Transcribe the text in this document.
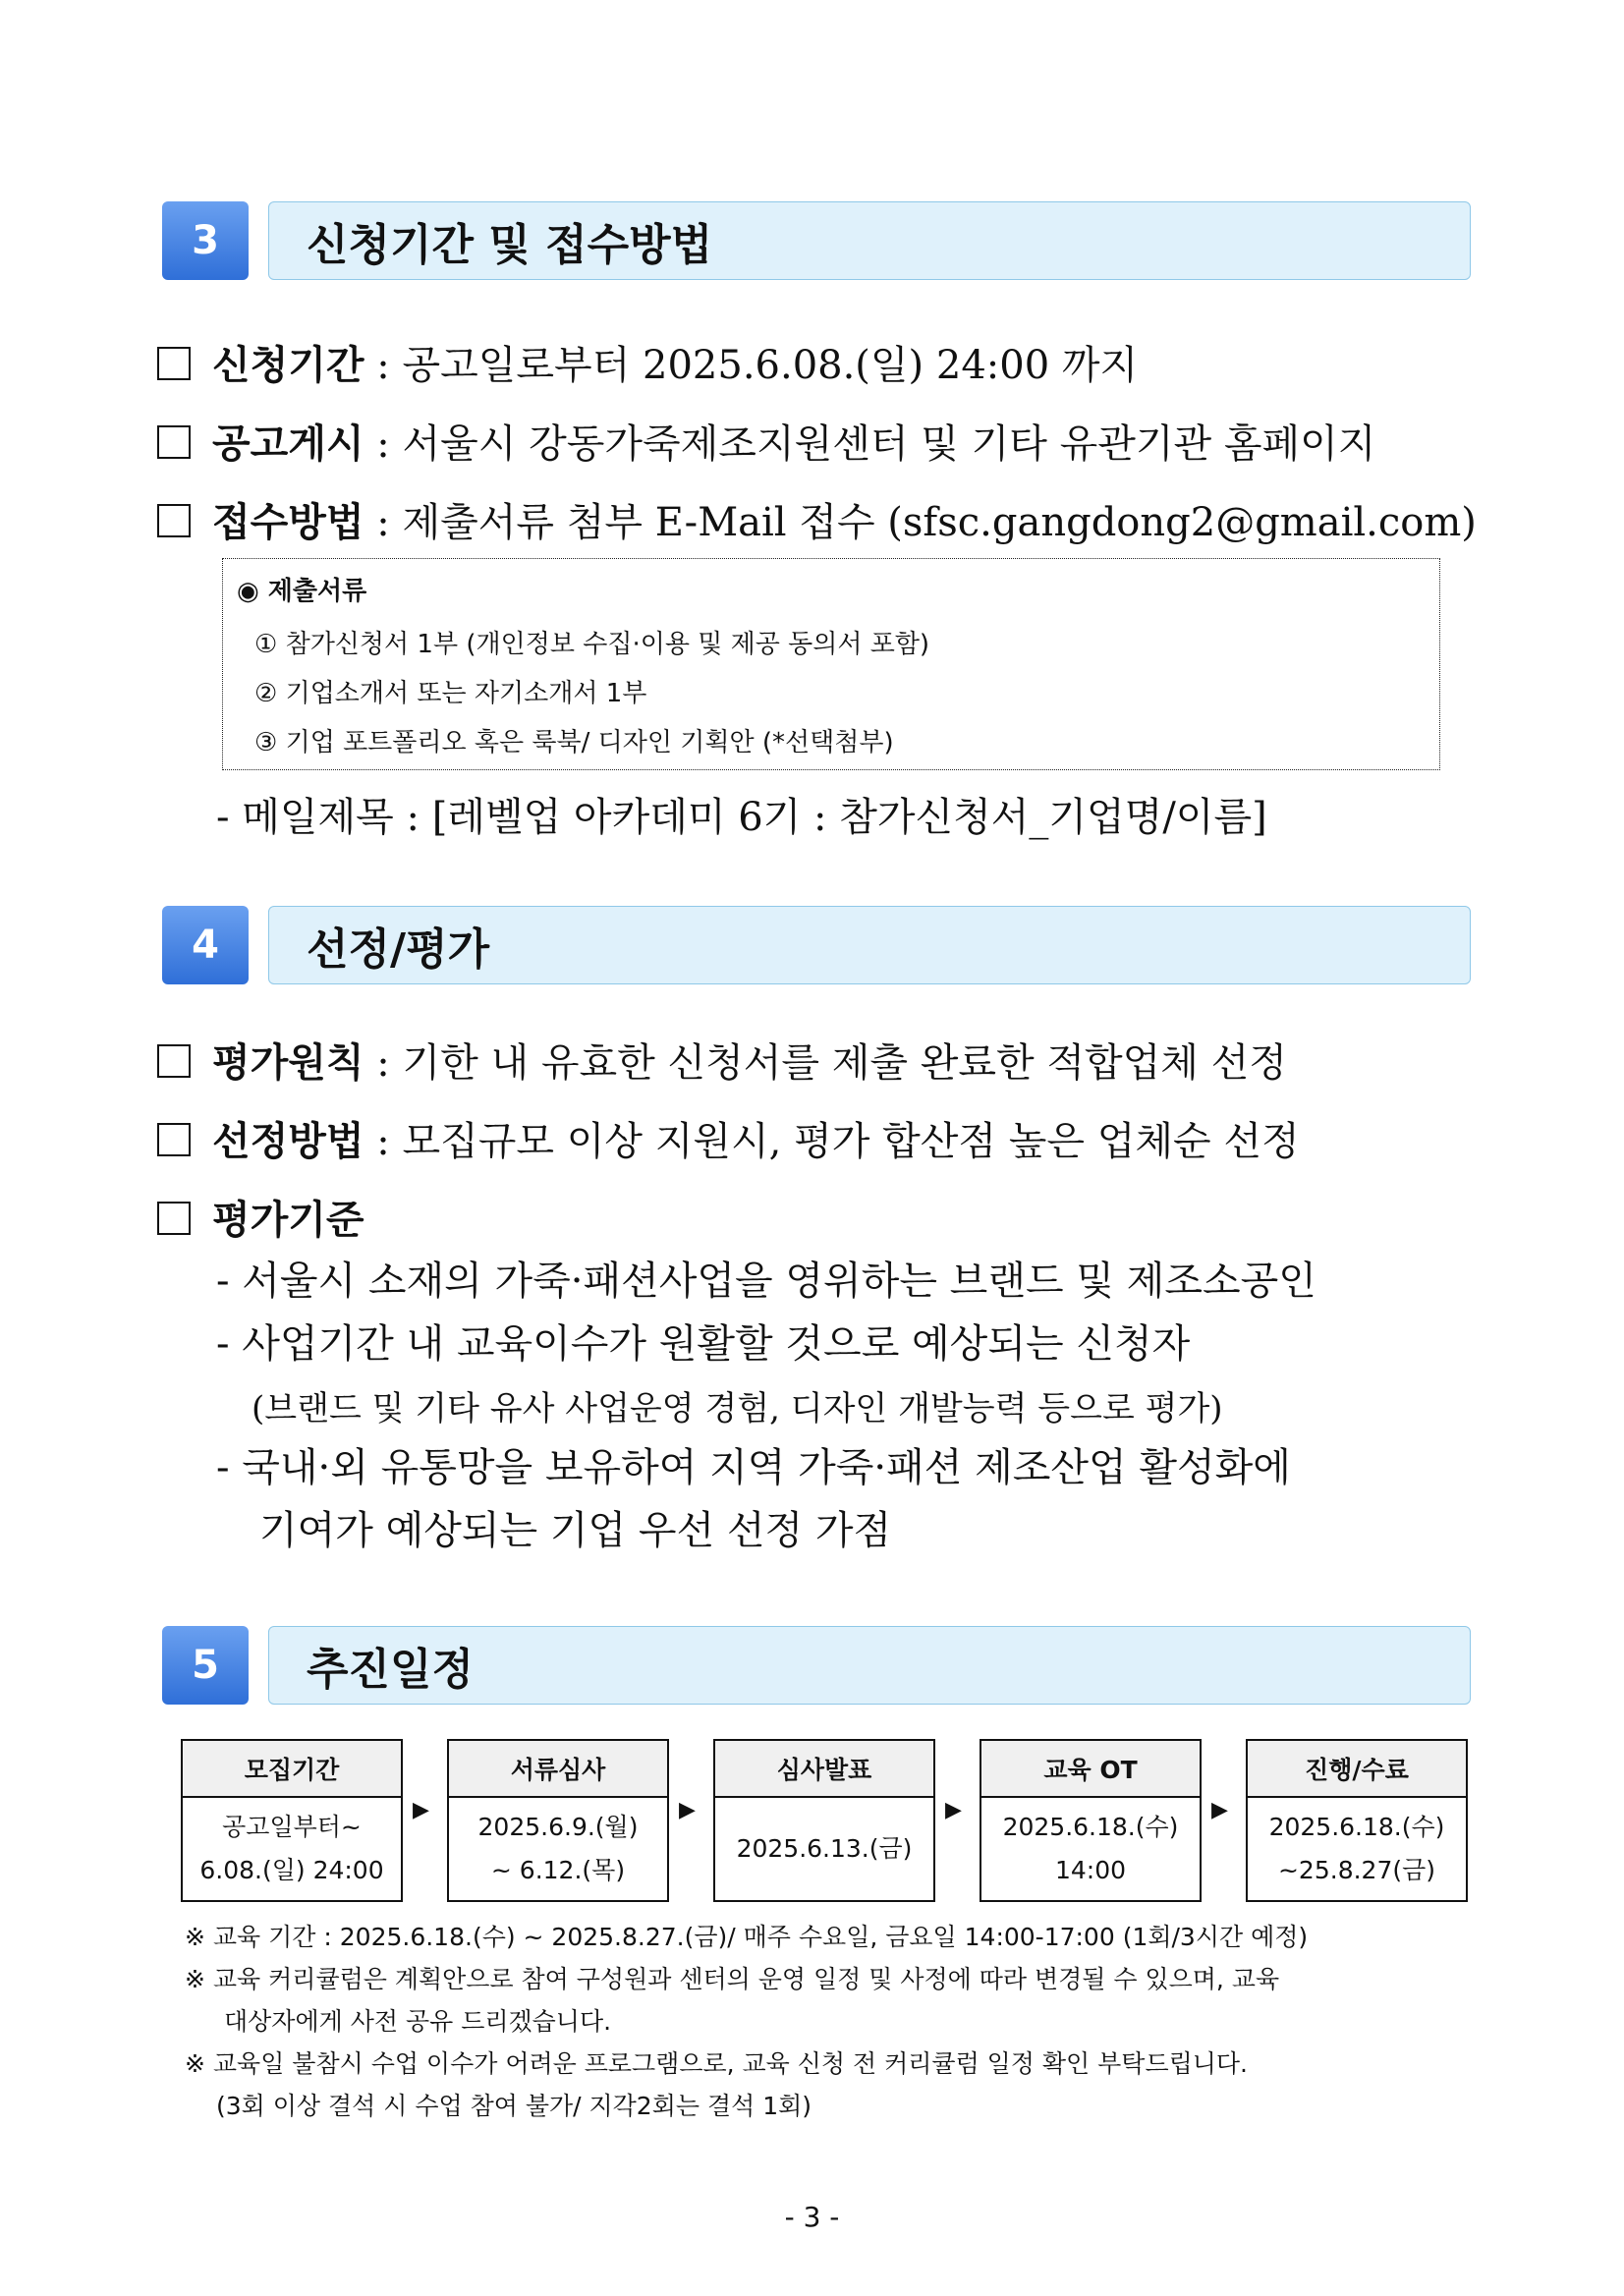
3	신청기간 및 접수방법
신청기간 : 공고일로부터 2025.6.08.(일) 24:00 까지
공고게시 : 서울시 강동가죽제조지원센터 및 기타 유관기관 홈페이지
접수방법 : 제출서류 첨부 E-Mail 접수 (sfsc.gangdong2@gmail.com)
◉ 제출서류
① 참가신청서 1부 (개인정보 수집·이용 및 제공 동의서 포함)
② 기업소개서 또는 자기소개서 1부
③ 기업 포트폴리오 혹은 룩북/ 디자인 기획안 (*선택첨부)
- 메일제목 : [레벨업 아카데미 6기 : 참가신청서_기업명/이름]
4	선정/평가
평가원칙 : 기한 내 유효한 신청서를 제출 완료한 적합업체 선정
선정방법 : 모집규모 이상 지원시, 평가 합산점 높은 업체순 선정
평가기준
- 서울시 소재의 가죽·패션사업을 영위하는 브랜드 및 제조소공인
- 사업기간 내 교육이수가 원활할 것으로 예상되는 신청자
(브랜드 및 기타 유사 사업운영 경험, 디자인 개발능력 등으로 평가)
- 국내·외 유통망을 보유하여 지역 가죽·패션 제조산업 활성화에
기여가 예상되는 기업 우선 선정 가점
5	추진일정
모집기간
공고일부터~
6.08.(일) 24:00
▶
서류심사
2025.6.9.(월)
~ 6.12.(목)
▶
심사발표
2025.6.13.(금)
▶
교육 OT
2025.6.18.(수)
14:00
▶
진행/수료
2025.6.18.(수)
~25.8.27(금)
※ 교육 기간 : 2025.6.18.(수) ~ 2025.8.27.(금)/ 매주 수요일, 금요일 14:00-17:00 (1회/3시간 예정)
※ 교육 커리큘럼은 계획안으로 참여 구성원과 센터의 운영 일정 및 사정에 따라 변경될 수 있으며, 교육
대상자에게 사전 공유 드리겠습니다.
※ 교육일 불참시 수업 이수가 어려운 프로그램으로, 교육 신청 전 커리큘럼 일정 확인 부탁드립니다.
(3회 이상 결석 시 수업 참여 불가/ 지각2회는 결석 1회)
- 3 -
